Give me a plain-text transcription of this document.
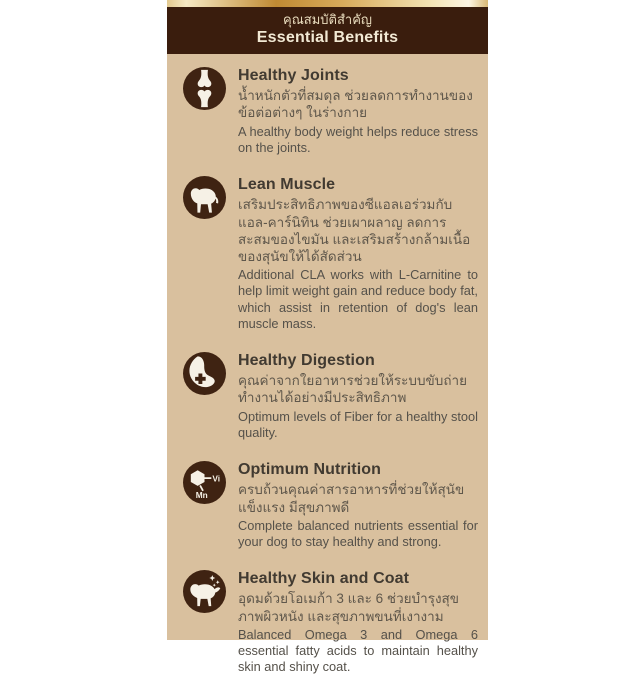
คุณสมบัติสำคัญ
Essential Benefits
Healthy Joints
น้ำหนักตัวที่สมดุล ช่วยลดการทำงานของข้อต่อต่างๆ ในร่างกาย
A healthy body weight helps reduce stress on the joints.
Lean Muscle
เสริมประสิทธิภาพของซีแอลเอร่วมกับแอล-คาร์นิทิน ช่วยเผาผลาญ ลดการสะสมของไขมัน และเสริมสร้างกล้ามเนื้อของสุนัขให้ได้สัดส่วน
Additional CLA works with L-Carnitine to help limit weight gain and reduce body fat, which assist in retention of dog's lean muscle mass.
Healthy Digestion
คุณค่าจากใยอาหารช่วยให้ระบบขับถ่ายทำงานได้อย่างมีประสิทธิภาพ
Optimum levels of Fiber for a healthy stool quality.
Vi
Mn
Optimum Nutrition
ครบถ้วนคุณค่าสารอาหารที่ช่วยให้สุนัขแข็งแรง มีสุขภาพดี
Complete balanced nutrients essential for your dog to stay healthy and strong.
Healthy Skin and Coat
อุดมด้วยโอเมก้า 3 และ 6 ช่วยบำรุงสุขภาพผิวหนัง และสุขภาพขนที่เงางาม
Balanced Omega 3 and Omega 6 essential fatty acids to maintain healthy skin and shiny coat.
